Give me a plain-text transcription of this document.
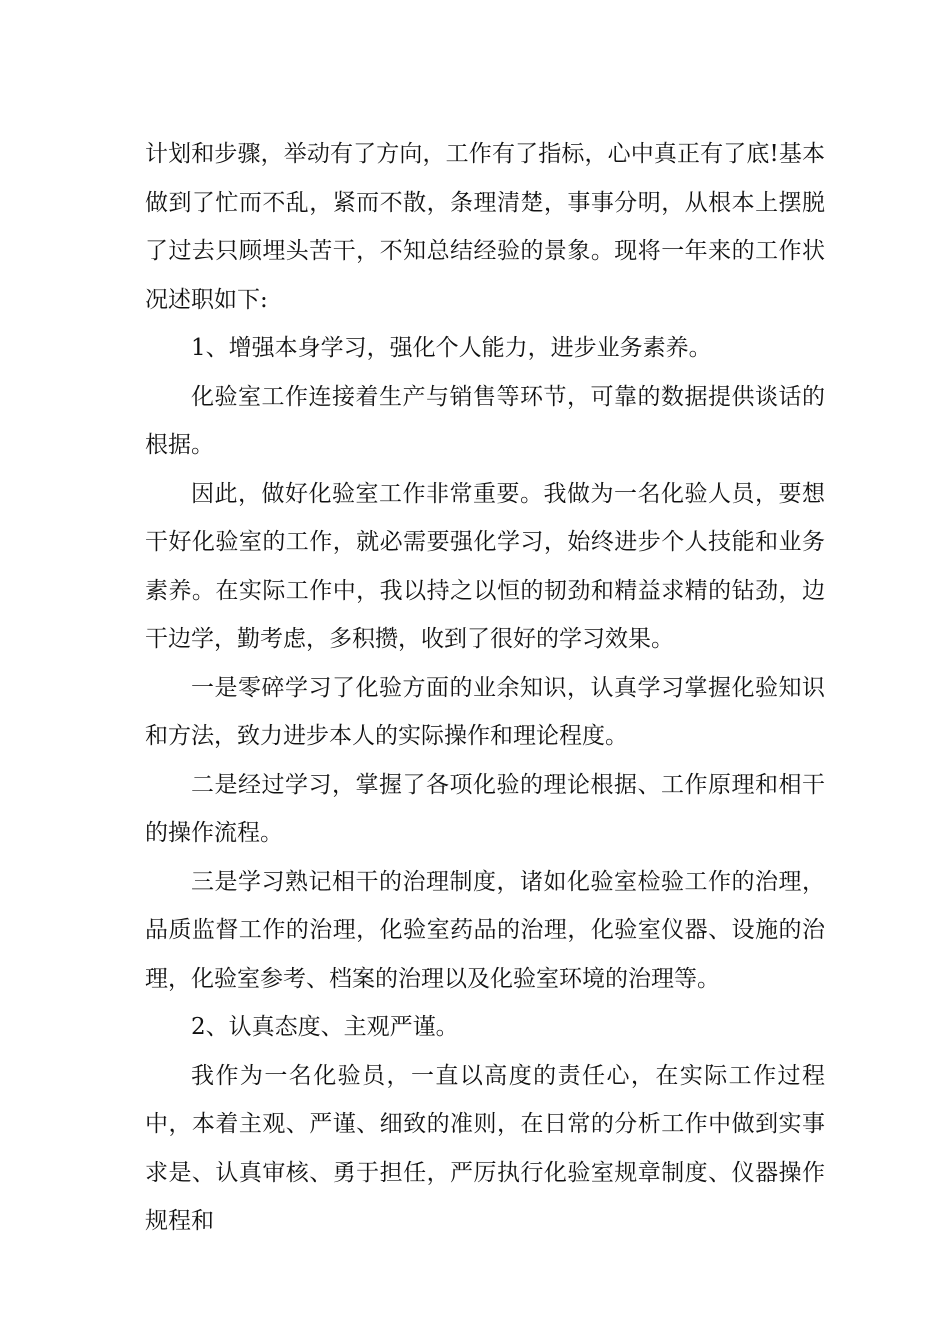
计划和步骤，举动有了方向，工作有了指标，心中真正有了底!基本做到了忙而不乱，紧而不散，条理清楚，事事分明，从根本上摆脱了过去只顾埋头苦干，不知总结经验的景象。现将一年来的工作状况述职如下:

1、增强本身学习，强化个人能力，进步业务素养。

化验室工作连接着生产与销售等环节，可靠的数据提供谈话的根据。

因此，做好化验室工作非常重要。我做为一名化验人员，要想干好化验室的工作，就必需要强化学习，始终进步个人技能和业务素养。在实际工作中，我以持之以恒的韧劲和精益求精的钻劲，边干边学，勤考虑，多积攒，收到了很好的学习效果。

一是零碎学习了化验方面的业余知识，认真学习掌握化验知识和方法，致力进步本人的实际操作和理论程度。

二是经过学习，掌握了各项化验的理论根据、工作原理和相干的操作流程。

三是学习熟记相干的治理制度，诸如化验室检验工作的治理，品质监督工作的治理，化验室药品的治理，化验室仪器、设施的治理，化验室参考、档案的治理以及化验室环境的治理等。

2、认真态度、主观严谨。

我作为一名化验员，一直以高度的责任心，在实际工作过程中，本着主观、严谨、细致的准则，在日常的分析工作中做到实事求是、认真审核、勇于担任，严厉执行化验室规章制度、仪器操作规程和
